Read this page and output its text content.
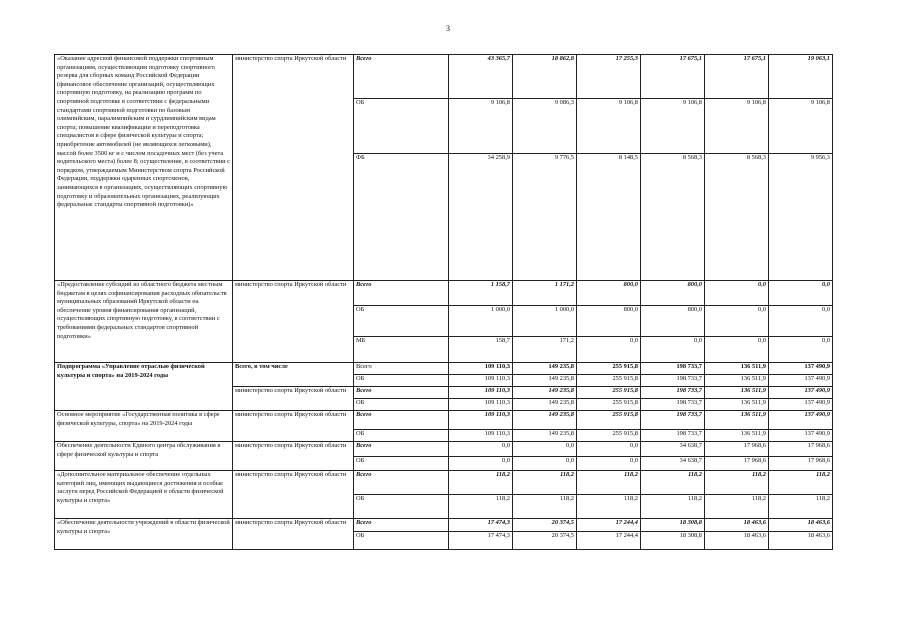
3
«Оказание адресной финансовой поддержки спортивным организациям, осуществляющим подготовку спортивного резерва для сборных команд Российской Федерации (финансовое обеспечение организаций, осуществляющих спортивную подготовку, на реализацию программ по спортивной подготовке в соответствии с федеральными стандартами спортивной подготовки по базовым олимпийским, паралимпийским и сурдлимпийским видам спорта; повышение квалификации и переподготовка специалистов в сфере физической культуры и спорта; приобретение автомобилей (не являющихся легковыми), массой более 3500 кг и с числом посадочных мест (без учета водительского места) более 8; осуществление, в соответствии с порядком, утверждаемым Министерством спорта Российской Федерации, поддержки одаренных спортсменов, занимающихся в организациях, осуществляющих спортивную подготовку и образовательных организациях, реализующих федеральные стандарты спортивной подготовки)»	министерство спорта Иркутской области	Всего	43 365,7	18 862,8	17 255,3	17 675,1	17 675,1	19 063,1
		ОБ	9 106,8	9 086,3	9 106,8	9 106,8	9 106,8	9 106,8
		ФБ	34 258,9	9 776,5	8 148,5	8 568,3	8 568,3	9 956,3
«Предоставление субсидий из областного бюджета местным бюджетам в целях софинансирования расходных обязательств муниципальных образований Иркутской области на обеспечение уровня финансирования организаций, осуществляющих спортивную подготовку, в соответствии с требованиями федеральных стандартов спортивной подготовки»	министерство спорта Иркутской области	Всего	1 158,7	1 171,2	800,0	800,0	0,0	0,0
		ОБ	1 000,0	1 000,0	800,0	800,0	0,0	0,0
		МБ	158,7	171,2	0,0	0,0	0,0	0,0
Подпрограмма «Управление отраслью физической культуры и спорта» на 2019-2024 годы	Всего, в том числе	Всего	109 110,3	149 235,8	255 915,8	198 733,7	136 511,9	137 490,9
		ОБ	109 110,3	149 235,8	255 915,8	198 733,7	136 511,9	137 490,9
	министерство спорта Иркутской области	Всего	109 110,3	149 235,8	255 915,8	198 733,7	136 511,9	137 490,9
		ОБ	109 110,3	149 235,8	255 915,8	198 733,7	136 511,9	137 490,9
Основное мероприятие «Государственная политика в сфере физической культуры, спорта» на 2019-2024 годы	министерство спорта Иркутской области	Всего	109 110,3	149 235,8	255 915,8	198 733,7	136 511,9	137 490,9
		ОБ	109 110,3	149 235,8	255 915,8	198 733,7	136 511,9	137 490,9
Обеспечение деятельности Единого центра обслуживания в сфере физической культуры и спорта	министерство спорта Иркутской области	Всего	0,0	0,0	0,0	34 638,7	17 968,6	17 968,6
		ОБ	0,0	0,0	0,0	34 638,7	17 968,6	17 968,6
«Дополнительное материальное обеспечение отдельных категорий лиц, имеющих выдающиеся достижения и особые заслуги перед Российской Федерацией в области физической культуры и спорта»	министерство спорта Иркутской области	Всего	118,2	118,2	118,2	118,2	118,2	118,2
		ОБ	118,2	118,2	118,2	118,2	118,2	118,2
«Обеспечение деятельности учреждений в области физической культуры и спорта»	министерство спорта Иркутской области	Всего	17 474,3	20 374,5	17 244,4	18 308,8	18 463,6	18 463,6
		ОБ	17 474,3	20 374,5	17 244,4	18 308,8	18 463,6	18 463,6
